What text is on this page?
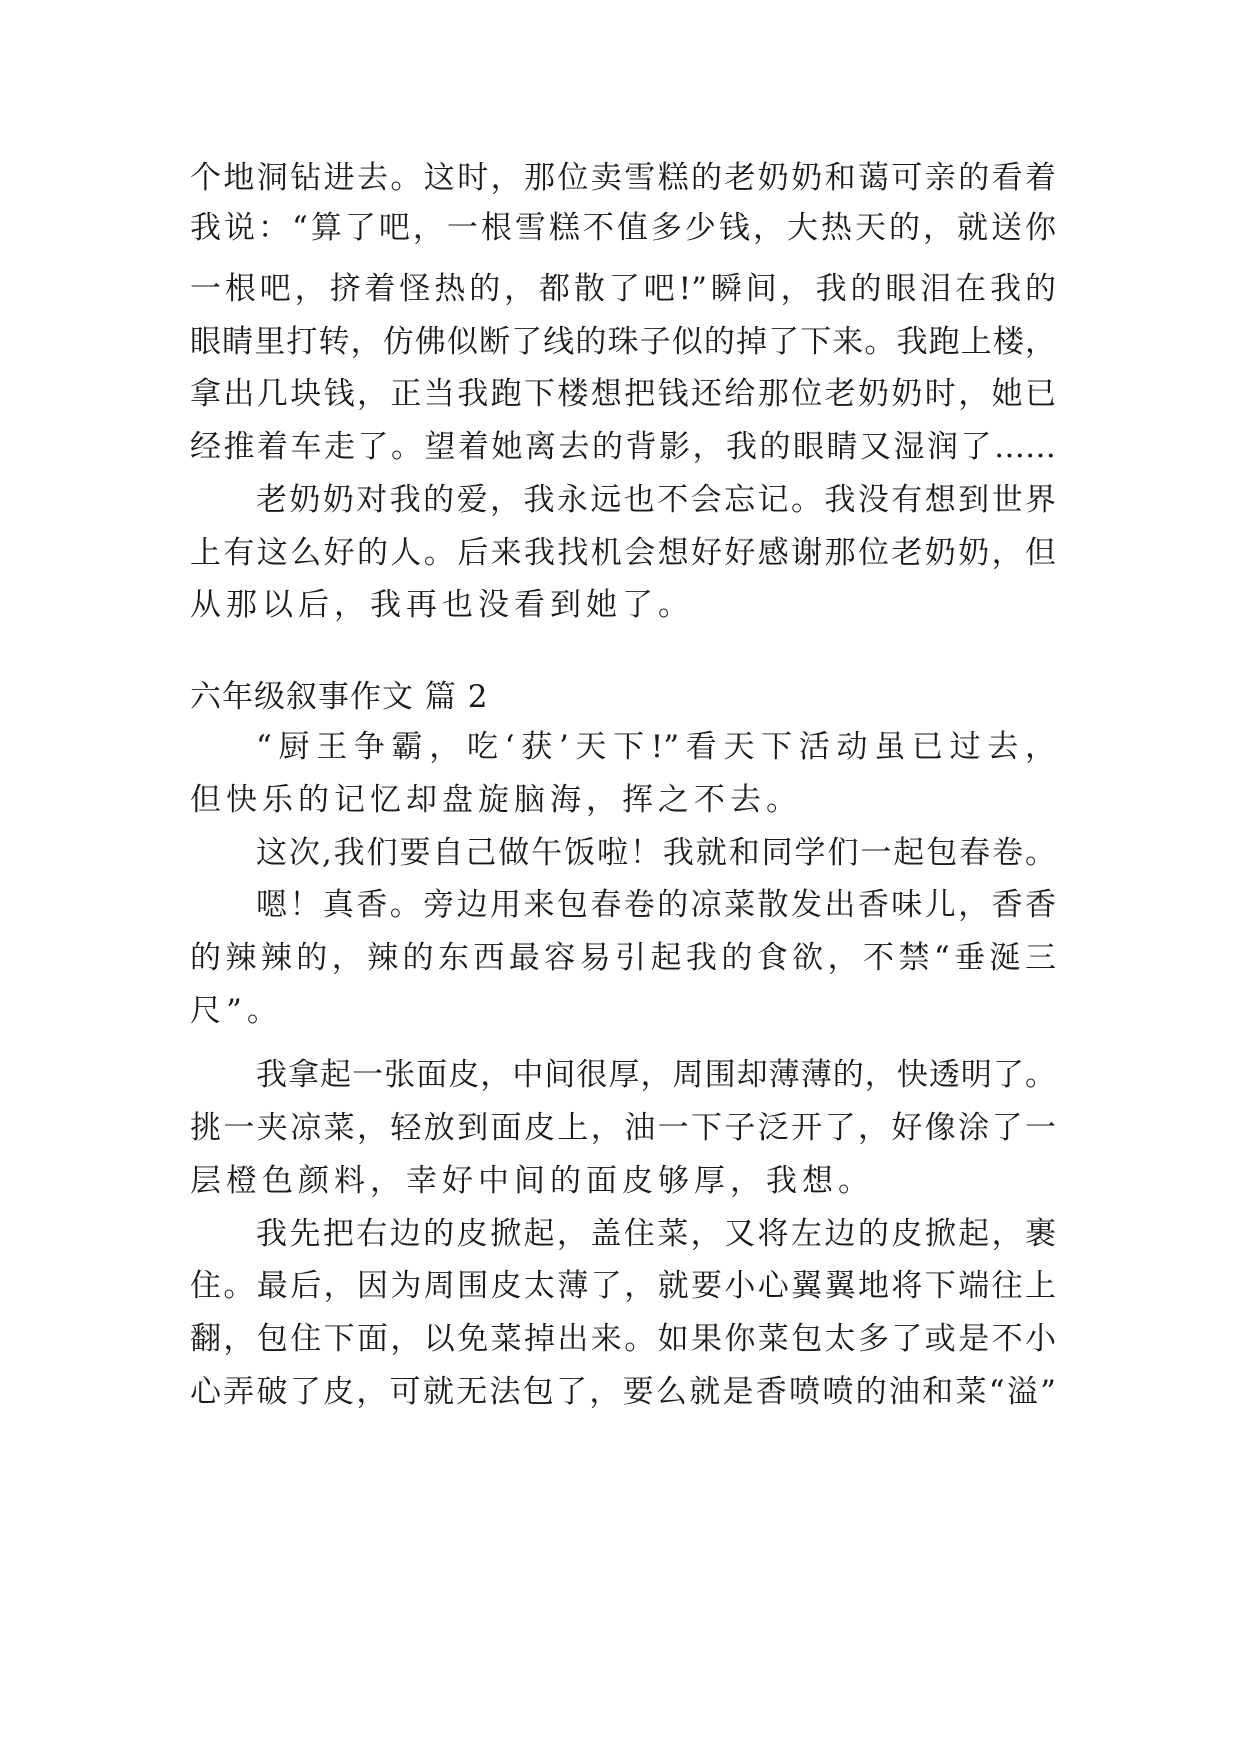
个地洞钻进去。这时，那位卖雪糕的老奶奶和蔼可亲的看着
我说：“算了吧，一根雪糕不值多少钱，大热天的，就送你
一根吧，挤着怪热的，都散了吧!”瞬间，我的眼泪在我的
眼睛里打转，仿佛似断了线的珠子似的掉了下来。我跑上楼，
拿出几块钱，正当我跑下楼想把钱还给那位老奶奶时，她已
经推着车走了。望着她离去的背影，我的眼睛又湿润了……
老奶奶对我的爱，我永远也不会忘记。我没有想到世界
上有这么好的人。后来我找机会想好好感谢那位老奶奶，但
从那以后，我再也没看到她了。
六年级叙事作文 篇 2
“厨王争霸，吃‘获’天下!”看天下活动虽已过去，
但快乐的记忆却盘旋脑海，挥之不去。
这次,我们要自己做午饭啦！我就和同学们一起包春卷。
嗯！真香。旁边用来包春卷的凉菜散发出香味儿，香香
的辣辣的，辣的东西最容易引起我的食欲，不禁“垂涎三
尺”。
我拿起一张面皮，中间很厚，周围却薄薄的，快透明了。
挑一夹凉菜，轻放到面皮上，油一下子泛开了，好像涂了一
层橙色颜料，幸好中间的面皮够厚，我想。
我先把右边的皮掀起，盖住菜，又将左边的皮掀起，裹
住。最后，因为周围皮太薄了，就要小心翼翼地将下端往上
翻，包住下面，以免菜掉出来。如果你菜包太多了或是不小
心弄破了皮，可就无法包了，要么就是香喷喷的油和菜“溢”
